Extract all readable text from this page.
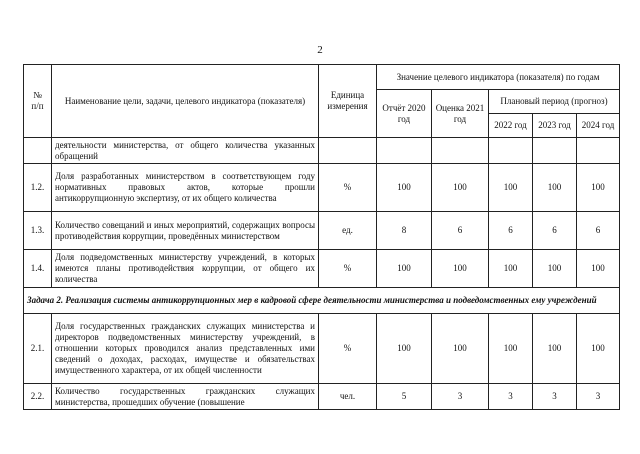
2
№
п/п	Наименование цели, задачи, целевого индикатора (показателя)	Единица измерения	Значение целевого индикатора (показателя) по годам				
			Отчёт 2020 год	Оценка 2021 год	Плановый период (прогноз)		
					2022 год	2023 год	2024 год
	деятельности министерства, от общего количества указанных обращений						
1.2.	Доля разработанных министерством в соответствующем году нормативных правовых актов, которые прошли антикоррупционную экспертизу, от их общего количества	%	100	100	100	100	100
1.3.	Количество совещаний и иных мероприятий, содержащих вопросы противодействия коррупции, проведённых министерством	ед.	8	6	6	6	6
1.4.	Доля подведомственных министерству учреждений, в которых имеются планы противодействия коррупции, от общего их количества	%	100	100	100	100	100
Задача 2. Реализация системы антикоррупционных мер в кадровой сфере деятельности министерства и подведомственных ему учреждений							
2.1.	Доля государственных гражданских служащих министерства и директоров подведомственных министерству учреждений, в отношении которых проводился анализ представленных ими сведений о доходах, расходах, имуществе и обязательствах имущественного характера, от их общей численности	%	100	100	100	100	100
2.2.	Количество государственных гражданских служащих министерства, прошедших обучение (повышение	чел.	5	3	3	3	3
